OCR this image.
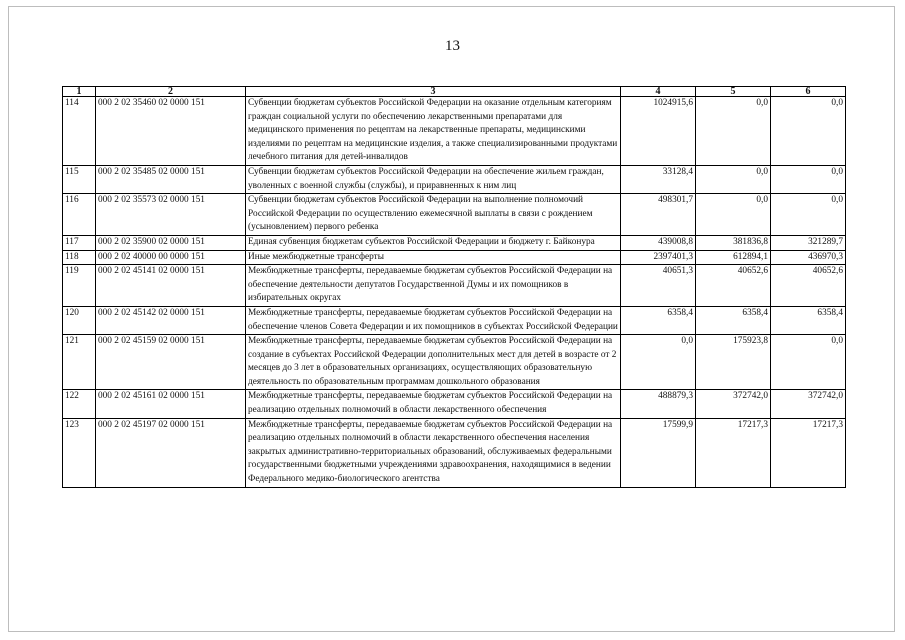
13
1	2	3	4	5	6
114	000 2 02 35460 02 0000 151	Субвенции бюджетам субъектов Российской Федерации на оказание отдельным категориям граждан социальной услуги по обеспечению лекарственными препаратами для медицинского применения по рецептам на лекарственные препараты, медицинскими изделиями по рецептам на медицинские изделия, а также специализированными продуктами лечебного питания для детей-инвалидов	1024915,6	0,0	0,0
115	000 2 02 35485 02 0000 151	Субвенции бюджетам субъектов Российской Федерации на обеспечение жильем граждан, уволенных с военной службы (службы), и приравненных к ним лиц	33128,4	0,0	0,0
116	000 2 02 35573 02 0000 151	Субвенции бюджетам субъектов Российской Федерации на выполнение полномочий Российской Федерации по осуществлению ежемесячной выплаты в связи с рождением (усыновлением) первого ребенка	498301,7	0,0	0,0
117	000 2 02 35900 02 0000 151	Единая субвенция бюджетам субъектов Российской Федерации и бюджету г. Байконура	439008,8	381836,8	321289,7
118	000 2 02 40000 00 0000 151	Иные межбюджетные трансферты	2397401,3	612894,1	436970,3
119	000 2 02 45141 02 0000 151	Межбюджетные трансферты, передаваемые бюджетам субъектов Российской Федерации на обеспечение деятельности депутатов Государственной Думы и их помощников в избирательных округах	40651,3	40652,6	40652,6
120	000 2 02 45142 02 0000 151	Межбюджетные трансферты, передаваемые бюджетам субъектов Российской Федерации на обеспечение членов Совета Федерации и их помощников в субъектах Российской Федерации	6358,4	6358,4	6358,4
121	000 2 02 45159 02 0000 151	Межбюджетные трансферты, передаваемые бюджетам субъектов Российской Федерации на создание в субъектах Российской Федерации дополнительных мест для детей в возрасте от 2 месяцев до 3 лет в образовательных организациях, осуществляющих образовательную деятельность по образовательным программам дошкольного образования	0,0	175923,8	0,0
122	000 2 02 45161 02 0000 151	Межбюджетные трансферты, передаваемые бюджетам субъектов Российской Федерации на реализацию отдельных полномочий в области лекарственного обеспечения	488879,3	372742,0	372742,0
123	000 2 02 45197 02 0000 151	Межбюджетные трансферты, передаваемые бюджетам субъектов Российской Федерации на реализацию отдельных полномочий в области лекарственного обеспечения населения закрытых административно-территориальных образований, обслуживаемых федеральными государственными бюджетными учреждениями здравоохранения, находящимися в ведении Федерального медико-биологического агентства	17599,9	17217,3	17217,3
